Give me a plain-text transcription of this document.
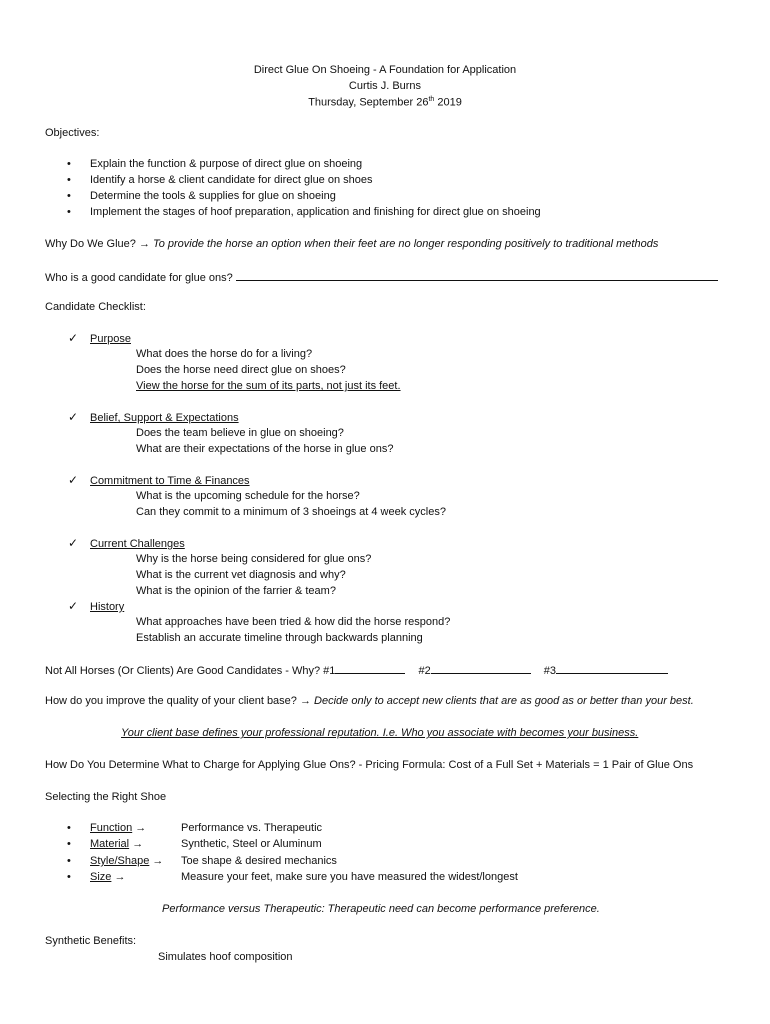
Direct Glue On Shoeing - A Foundation for Application
Curtis J. Burns
Thursday, September 26th 2019
Objectives:
• Explain the function & purpose of direct glue on shoeing
• Identify a horse & client candidate for direct glue on shoes
• Determine the tools & supplies for glue on shoeing
• Implement the stages of hoof preparation, application and finishing for direct glue on shoeing
Why Do We Glue? → To provide the horse an option when their feet are no longer responding positively to traditional methods
Who is a good candidate for glue ons?
Candidate Checklist:
✓ Purpose
What does the horse do for a living?
Does the horse need direct glue on shoes?
View the horse for the sum of its parts, not just its feet.
✓ Belief, Support & Expectations
Does the team believe in glue on shoeing?
What are their expectations of the horse in glue ons?
✓ Commitment to Time & Finances
What is the upcoming schedule for the horse?
Can they commit to a minimum of 3 shoeings at 4 week cycles?
✓ Current Challenges
Why is the horse being considered for glue ons?
What is the current vet diagnosis and why?
What is the opinion of the farrier & team?
✓ History
What approaches have been tried & how did the horse respond?
Establish an accurate timeline through backwards planning
Not All Horses (Or Clients) Are Good Candidates - Why? #1	#2	#3
How do you improve the quality of your client base? → Decide only to accept new clients that are as good as or better than your best.
Your client base defines your professional reputation. I.e. Who you associate with becomes your business.
How Do You Determine What to Charge for Applying Glue Ons? - Pricing Formula: Cost of a Full Set + Materials = 1 Pair of Glue Ons
Selecting the Right Shoe
• Function →	Performance vs. Therapeutic
• Material →	Synthetic, Steel or Aluminum
• Style/Shape → Toe shape & desired mechanics
• Size →	Measure your feet, make sure you have measured the widest/longest
Performance versus Therapeutic: Therapeutic need can become performance preference.
Synthetic Benefits:
Simulates hoof composition
